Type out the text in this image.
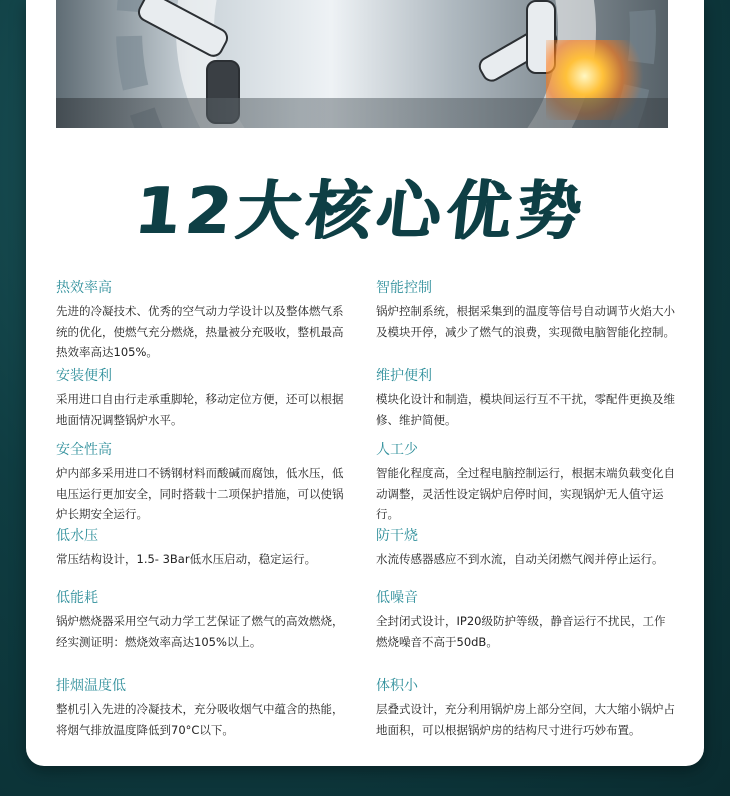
12大核心优势
热效率高

先进的冷凝技术、优秀的空气动力学设计以及整体燃气系统的优化，使燃气充分燃烧，热量被分充吸收，整机最高热效率高达105%。

安装便利

采用进口自由行走承重脚轮，移动定位方便，还可以根据地面情况调整锅炉水平。

安全性高

炉内部多采用进口不锈钢材料而酸碱而腐蚀，低水压，低电压运行更加安全，同时搭载十二项保护措施，可以使锅炉长期安全运行。

低水压

常压结构设计，1.5- 3Bar低水压启动，稳定运行。

低能耗

锅炉燃烧器采用空气动力学工艺保证了燃气的高效燃烧，经实测证明：燃烧效率高达105%以上。

排烟温度低

整机引入先进的冷凝技术，充分吸收烟气中蕴含的热能，将烟气排放温度降低到70°C以下。

智能控制

锅炉控制系统，根据采集到的温度等信号自动调节火焰大小及模块开停，减少了燃气的浪费，实现微电脑智能化控制。

维护便利

模块化设计和制造，模块间运行互不干扰，零配件更换及维修、维护简便。

人工少

智能化程度高，全过程电脑控制运行，根据末端负载变化自动调整，灵活性设定锅炉启停时间，实现锅炉无人值守运行。

防干烧

水流传感器感应不到水流，自动关闭燃气阀并停止运行。

低噪音

全封闭式设计，IP20级防护等级，静音运行不扰民，工作燃烧噪音不高于50dB。

体积小

层叠式设计，充分利用锅炉房上部分空间，大大缩小锅炉占地面积，可以根据锅炉房的结构尺寸进行巧妙布置。
